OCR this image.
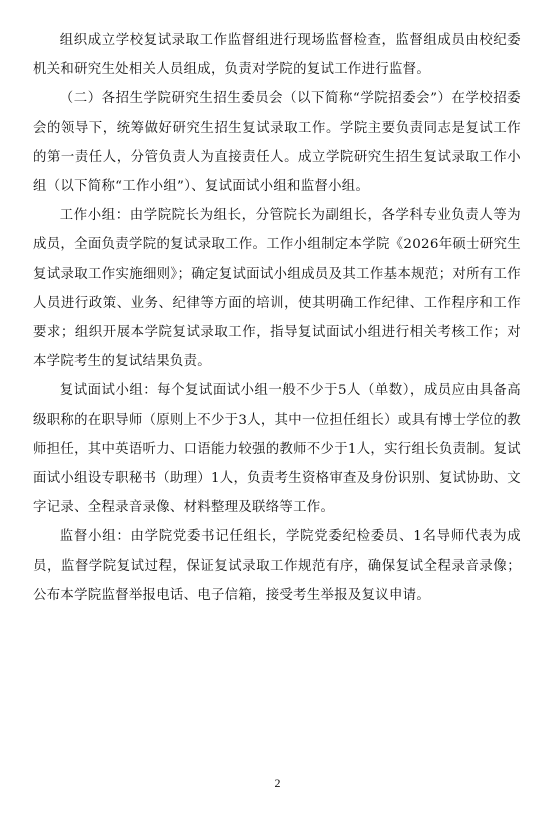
组织成立学校复试录取工作监督组进行现场监督检查，监督组成员由校纪委机关和研究生处相关人员组成，负责对学院的复试工作进行监督。

（二）各招生学院研究生招生委员会（以下简称“学院招委会”）在学校招委会的领导下，统筹做好研究生招生复试录取工作。学院主要负责同志是复试工作的第一责任人，分管负责人为直接责任人。成立学院研究生招生复试录取工作小组（以下简称“工作小组”）、复试面试小组和监督小组。

工作小组：由学院院长为组长，分管院长为副组长，各学科专业负责人等为成员，全面负责学院的复试录取工作。工作小组制定本学院《2026年硕士研究生复试录取工作实施细则》；确定复试面试小组成员及其工作基本规范；对所有工作人员进行政策、业务、纪律等方面的培训，使其明确工作纪律、工作程序和工作要求；组织开展本学院复试录取工作，指导复试面试小组进行相关考核工作；对本学院考生的复试结果负责。

复试面试小组：每个复试面试小组一般不少于5人（单数），成员应由具备高级职称的在职导师（原则上不少于3人，其中一位担任组长）或具有博士学位的教师担任，其中英语听力、口语能力较强的教师不少于1人，实行组长负责制。复试面试小组设专职秘书（助理）1人，负责考生资格审查及身份识别、复试协助、文字记录、全程录音录像、材料整理及联络等工作。

监督小组：由学院党委书记任组长，学院党委纪检委员、1名导师代表为成员，监督学院复试过程，保证复试录取工作规范有序，确保复试全程录音录像；公布本学院监督举报电话、电子信箱，接受考生举报及复议申请。

2
